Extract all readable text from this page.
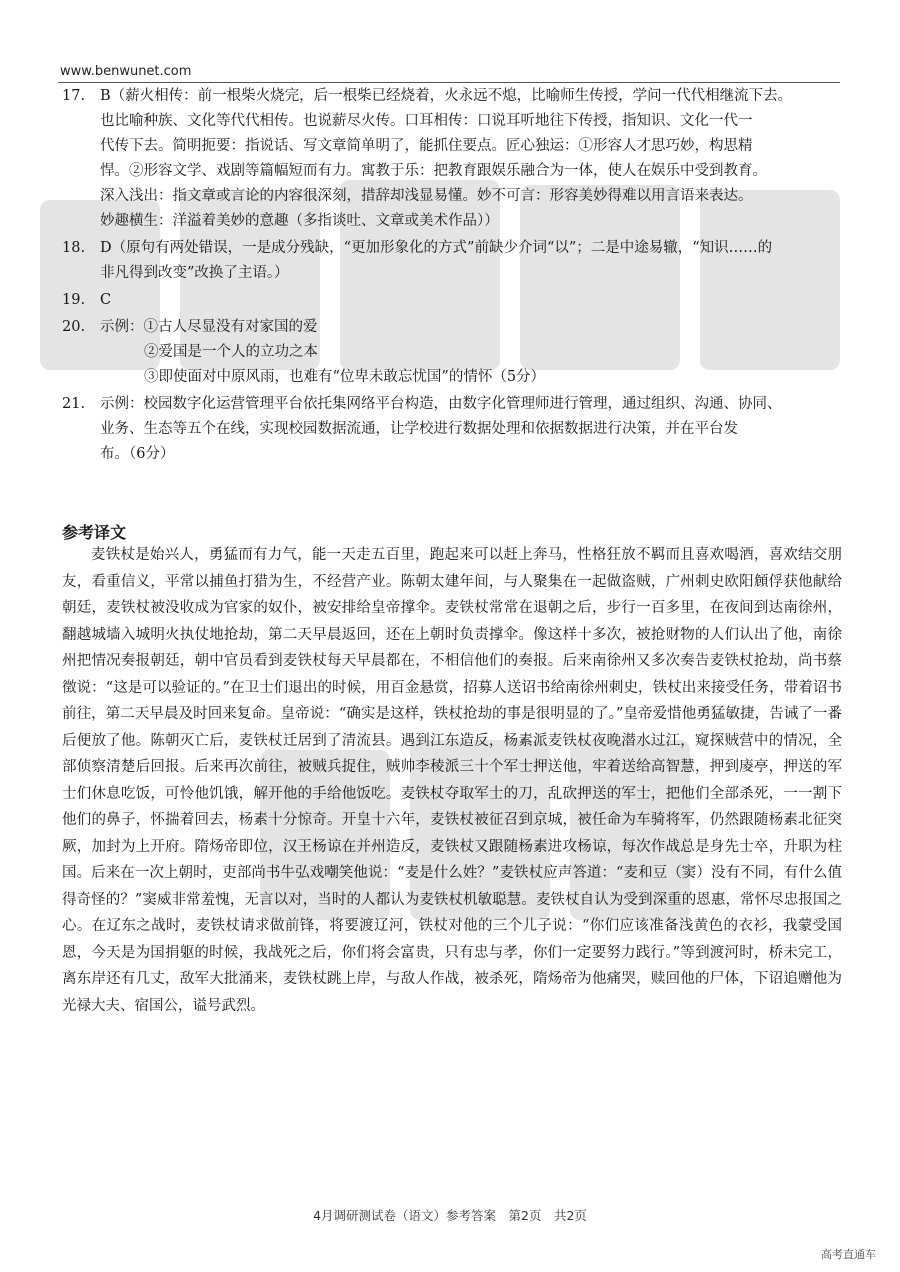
www.benwunet.com
17. B（薪火相传：前一根柴火烧完，后一根柴已经烧着，火永远不熄，比喻师生传授，学问一代代相继流下去。
也比喻种族、文化等代代相传。也说薪尽火传。口耳相传：口说耳听地往下传授，指知识、文化一代一
代传下去。简明扼要：指说话、写文章简单明了，能抓住要点。匠心独运：①形容人才思巧妙，构思精
悍。②形容文学、戏剧等篇幅短而有力。寓教于乐：把教育跟娱乐融合为一体，使人在娱乐中受到教育。
深入浅出：指文章或言论的内容很深刻，措辞却浅显易懂。妙不可言：形容美妙得难以用言语来表达。
妙趣横生：洋溢着美妙的意趣（多指谈吐、文章或美术作品））
18. D（原句有两处错误，一是成分残缺，“更加形象化的方式”前缺少介词“以”；二是中途易辙，“知识……的
非凡得到改变”改换了主语。）
19. C
20. 示例：①古人尽显没有对家国的爱
②爱国是一个人的立功之本
③即使面对中原风雨，也难有“位卑未敢忘忧国”的情怀（5分）
21. 示例：校园数字化运营管理平台依托集网络平台构造，由数字化管理师进行管理，通过组织、沟通、协同、
业务、生态等五个在线，实现校园数据流通，让学校进行数据处理和依据数据进行决策，并在平台发
布。（6分）
参考译文

麦铁杖是始兴人，勇猛而有力气，能一天走五百里，跑起来可以赶上奔马，性格狂放不羁而且喜欢喝酒，喜欢结交朋友，看重信义，平常以捕鱼打猎为生，不经营产业。陈朝太建年间，与人聚集在一起做盗贼，广州刺史欧阳頠俘获他献给朝廷，麦铁杖被没收成为官家的奴仆，被安排给皇帝撑伞。麦铁杖常常在退朝之后，步行一百多里，在夜间到达南徐州，翻越城墙入城明火执仗地抢劫，第二天早晨返回，还在上朝时负责撑伞。像这样十多次，被抢财物的人们认出了他，南徐州把情况奏报朝廷，朝中官员看到麦铁杖每天早晨都在，不相信他们的奏报。后来南徐州又多次奏告麦铁杖抢劫，尚书蔡徵说：“这是可以验证的。”在卫士们退出的时候，用百金悬赏，招募人送诏书给南徐州刺史，铁杖出来接受任务，带着诏书前往，第二天早晨及时回来复命。皇帝说：“确实是这样，铁杖抢劫的事是很明显的了。”皇帝爱惜他勇猛敏捷，告诫了一番后便放了他。陈朝灭亡后，麦铁杖迁居到了清流县。遇到江东造反，杨素派麦铁杖夜晚潜水过江，窥探贼营中的情况，全部侦察清楚后回报。后来再次前往，被贼兵捉住，贼帅李稜派三十个军士押送他，牢着送给高智慧，押到庱亭，押送的军士们休息吃饭，可怜他饥饿，解开他的手给他饭吃。麦铁杖夺取军士的刀，乱砍押送的军士，把他们全部杀死，一一割下他们的鼻子，怀揣着回去，杨素十分惊奇。开皇十六年，麦铁杖被征召到京城，被任命为车骑将军，仍然跟随杨素北征突厥，加封为上开府。隋炀帝即位，汉王杨谅在并州造反，麦铁杖又跟随杨素进攻杨谅，每次作战总是身先士卒，升职为柱国。后来在一次上朝时，吏部尚书牛弘戏嘲笑他说：“麦是什么姓？”麦铁杖应声答道：“麦和豆（窦）没有不同，有什么值得奇怪的？”窦威非常羞愧，无言以对，当时的人都认为麦铁杖机敏聪慧。麦铁杖自认为受到深重的恩惠，常怀尽忠报国之心。在辽东之战时，麦铁杖请求做前锋，将要渡辽河，铁杖对他的三个儿子说：“你们应该准备浅黄色的衣衫，我蒙受国恩，今天是为国捐躯的时候，我战死之后，你们将会富贵，只有忠与孝，你们一定要努力践行。”等到渡河时，桥未完工，离东岸还有几丈，敌军大批涌来，麦铁杖跳上岸，与敌人作战，被杀死，隋炀帝为他痛哭，赎回他的尸体，下诏追赠他为光禄大夫、宿国公，谥号武烈。

4月调研测试卷（语文）参考答案　第2页　共2页
高考直通车
